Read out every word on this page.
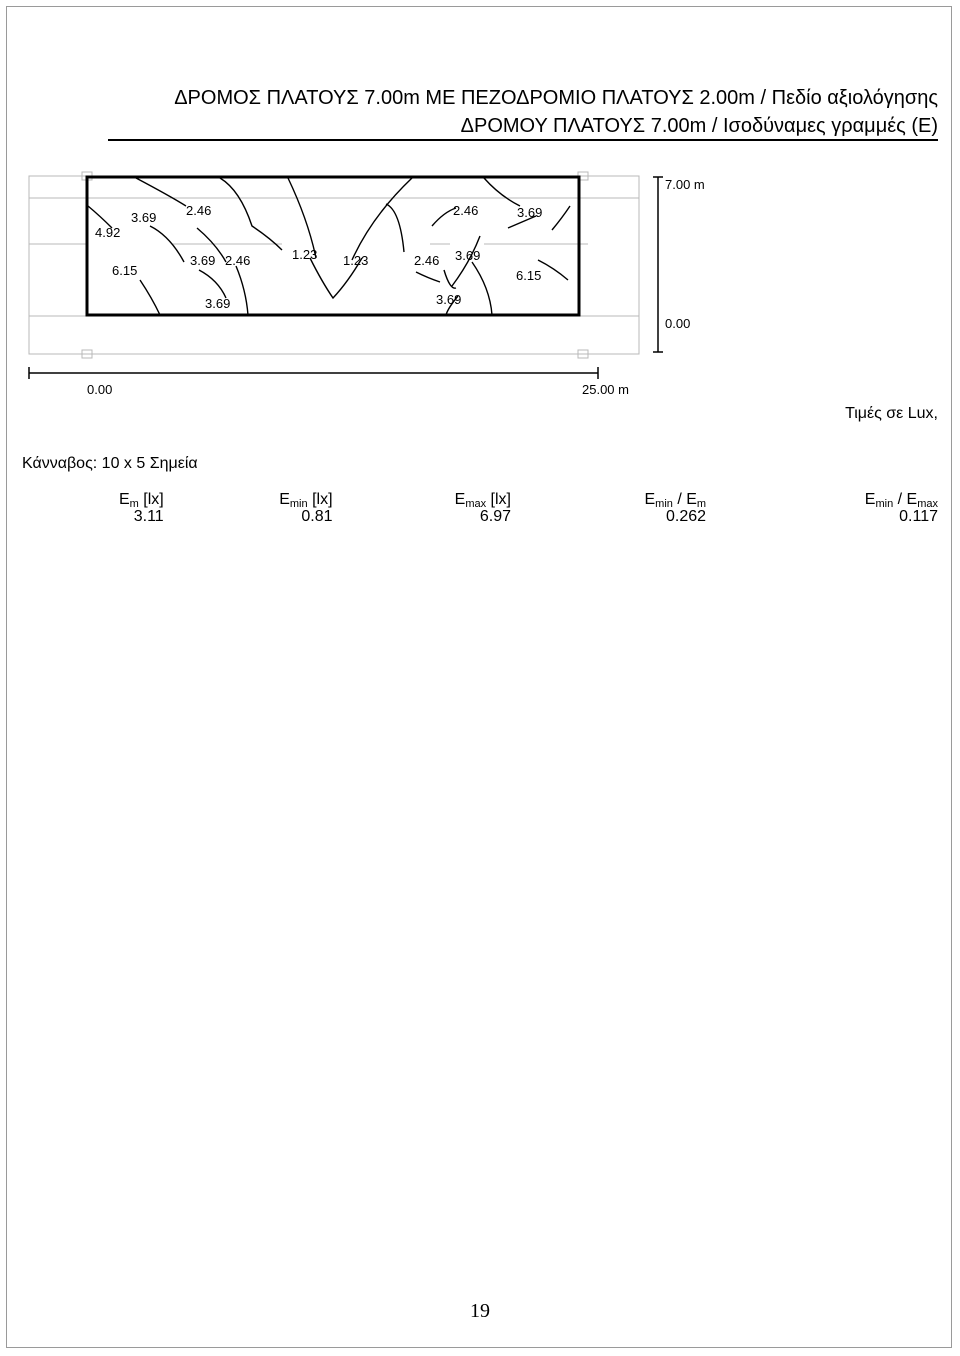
ΔΡΟΜΟΣ ΠΛΑΤΟΥΣ 7.00m ΜΕ ΠΕΖΟΔΡΟΜΙΟ ΠΛΑΤΟΥΣ 2.00m / Πεδίο αξιολόγησης
ΔΡΟΜΟΥ ΠΛΑΤΟΥΣ 7.00m / Ισοδύναμες γραμμές (E)
4.92
3.69 2.46
6.15
3.69 2.46	1.23 1.23
2.46	3.69
2.46 3.69
6.15
3.69	3.69
7.00 m
0.00
0.00	25.00 m
Τιμές σε Lux,
Κάνναβος: 10 x 5 Σημεία
$E_m$ [lx]	$E_{min}$ [lx]	$E_{max}$ [lx]	$E_{min} / E_m$	$E_{min} / E_{max}$
3.11	0.81	6.97	0.262	0.117
19
